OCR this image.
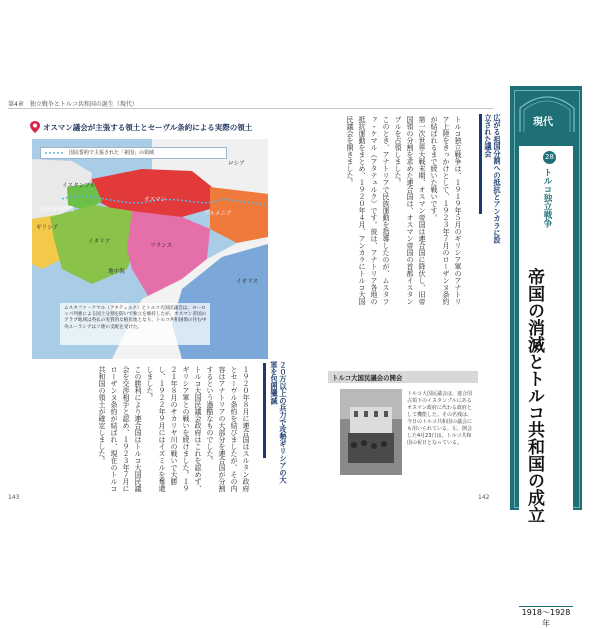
第4章　独立戦争とトルコ共和国の誕生（現代）
オスマン議会が主張する領土とセーヴル条約による実際の領土
ロシア
イスタンブル
ギリシア
国際管理地域
オスマン
アルメニア
イタリア
フランス
地中海
イギリス
国民誓約で主張された「祖国」の領域
ムスタファ・ケマル（アタテュルク）とトルコ大国民議会は、ヨーロッパ列強による国土分割を防いで独立を維持したが、オスマン帝国のアラブ地域は英仏の実質的な植民地となり、トルコ共和国領の住む中央ユーラシアはソ連の支配を受けた。
143	142
広がる祖国分割への抵抗とアンカラに設立された議会

トルコ独立戦争は、１９１９年５月のギリシア軍のアナトリア上陸をきっかけとして、１９２３年７月のローザンヌ条約が結ばれるまで続いた戦いです。

第一次世界大戦末期、オスマン帝国は連合国に降伏し、旧帝国領の分割を求めた連合国は、オスマン帝国の首都イスタンブルを占領しました。

このとき、アナトリアで民族運動を指導したのが、ムスタファ・ケマル（アタテュルク）です。彼は、アナトリア各地の抵抗運動をまとめ、１９２０年４月、アンカラにトルコ大国民議会を開きました。

２０万以上の兵力で攻勢ギリシアの大軍を包囲殲滅

１９２０年８月に連合国はスルタン政府とセーヴル条約を結びましたが、その内容はアナトリアの大部分を連合国が分割するという過酷なものでした。

トルコ大国民議会政府はこれを認めず、ギリシア軍との戦いを続けました。１９２１年８月のサカリヤ川の戦いで大勝し、１９２２年９月にはイズミルを奪還しました。

この勝利により連合国はトルコ大国民議会を交渉相手と認め、１９２３年７月にローザンヌ条約が結ばれ、現在のトルコ共和国の領土が確定しました。	トルコ大国民議会の開会
トルコ大国民議会は、連合国占領下のイスタンブルにあるオスマン政府に代わる政府として機能した。その名残は、今日のトルコ共和国の議会にも用いられている。左、開会した4月23日は、トルコ共和国の祝日となっている。
現代
28
トルコ独立戦争
帝国の消滅とトルコ共和国の成立
1918〜1928年
